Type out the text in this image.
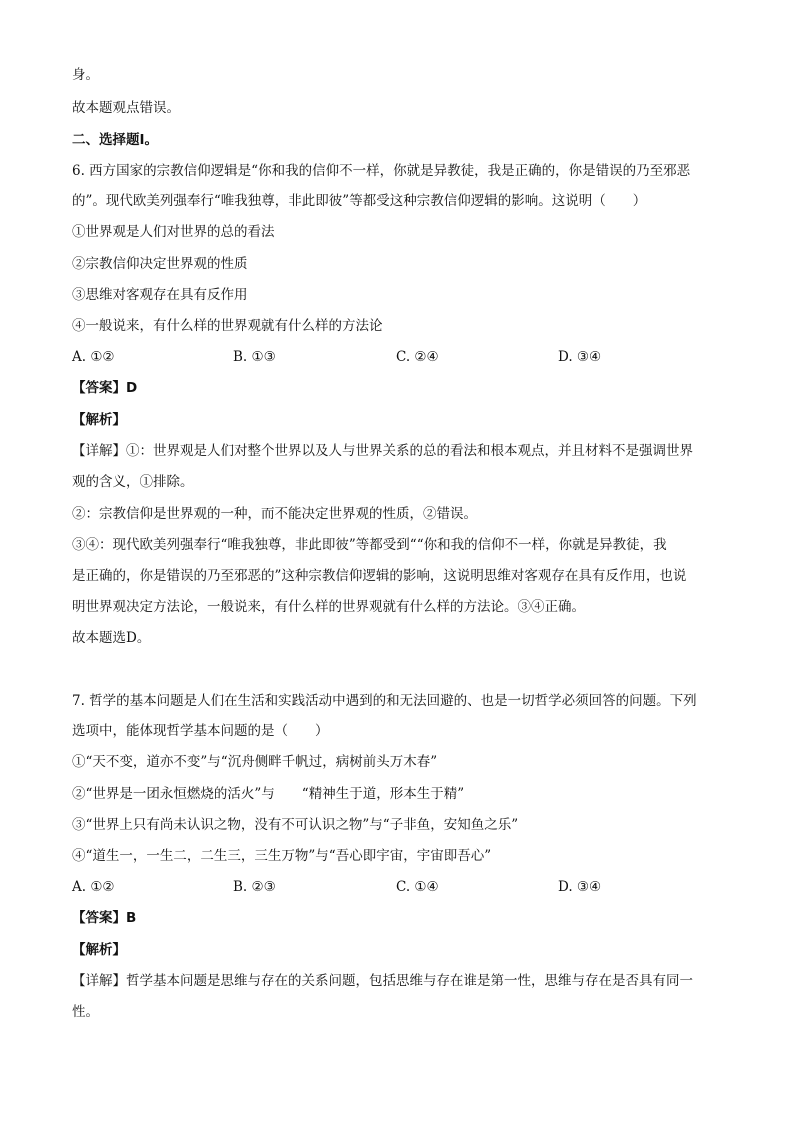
身。
故本题观点错误。
二、选择题Ⅰ。
6. 西方国家的宗教信仰逻辑是“你和我的信仰不一样，你就是异教徒，我是正确的，你是错误的乃至邪恶
的”。现代欧美列强奉行“唯我独尊，非此即彼”等都受这种宗教信仰逻辑的影响。这说明（　　）
①世界观是人们对世界的总的看法
②宗教信仰决定世界观的性质
③思维对客观存在具有反作用
④一般说来，有什么样的世界观就有什么样的方法论
A. ①②	B. ①③	C. ②④	D. ③④
【答案】D
【解析】
【详解】①：世界观是人们对整个世界以及人与世界关系的总的看法和根本观点，并且材料不是强调世界
观的含义，①排除。
②：宗教信仰是世界观的一种，而不能决定世界观的性质，②错误。
③④：现代欧美列强奉行“唯我独尊，非此即彼”等都受到““你和我的信仰不一样，你就是异教徒，我
是正确的，你是错误的乃至邪恶的”这种宗教信仰逻辑的影响，这说明思维对客观存在具有反作用，也说
明世界观决定方法论，一般说来，有什么样的世界观就有什么样的方法论。③④正确。
故本题选D。
7. 哲学的基本问题是人们在生活和实践活动中遇到的和无法回避的、也是一切哲学必须回答的问题。下列
选项中，能体现哲学基本问题的是（　　）
①“天不变，道亦不变”与“沉舟侧畔千帆过，病树前头万木春”
②“世界是一团永恒燃烧的活火”与　　“精神生于道，形本生于精”
③“世界上只有尚未认识之物，没有不可认识之物”与“子非鱼，安知鱼之乐”
④“道生一，一生二，二生三，三生万物”与“吾心即宇宙，宇宙即吾心”
A. ①②	B. ②③	C. ①④	D. ③④
【答案】B
【解析】
【详解】哲学基本问题是思维与存在的关系问题，包括思维与存在谁是第一性，思维与存在是否具有同一
性。
